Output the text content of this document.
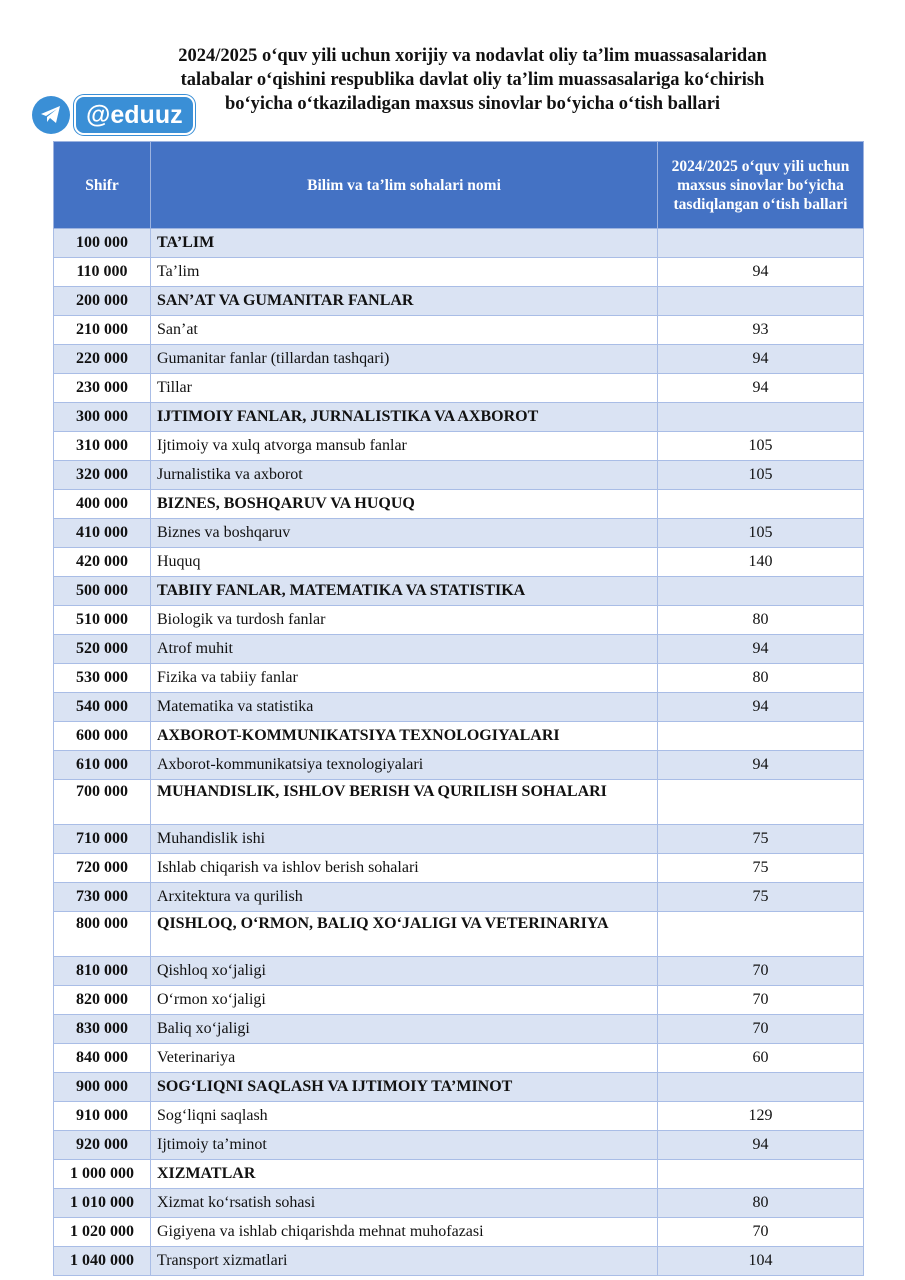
2024/2025 o‘quv yili uchun xorijiy va nodavlat oliy ta’lim muassasalaridan
talabalar o‘qishini respublika davlat oliy ta’lim muassasalariga ko‘chirish
bo‘yicha o‘tkaziladigan maxsus sinovlar bo‘yicha o‘tish ballari
@eduuz
Shifr	Bilim va ta’lim sohalari nomi	2024/2025 o‘quv yili uchun maxsus sinovlar bo‘yicha tasdiqlangan o‘tish ballari
100 000	TA’LIM	
110 000	Ta’lim	94
200 000	SAN’AT VA GUMANITAR FANLAR	
210 000	San’at	93
220 000	Gumanitar fanlar (tillardan tashqari)	94
230 000	Tillar	94
300 000	IJTIMOIY FANLAR, JURNALISTIKA VA AXBOROT	
310 000	Ijtimoiy va xulq atvorga mansub fanlar	105
320 000	Jurnalistika va axborot	105
400 000	BIZNES, BOSHQARUV VA HUQUQ	
410 000	Biznes va boshqaruv	105
420 000	Huquq	140
500 000	TABIIY FANLAR, MATEMATIKA VA STATISTIKA	
510 000	Biologik va turdosh fanlar	80
520 000	Atrof muhit	94
530 000	Fizika va tabiiy fanlar	80
540 000	Matematika va statistika	94
600 000	AXBOROT-KOMMUNIKATSIYA TEXNOLOGIYALARI	
610 000	Axborot-kommunikatsiya texnologiyalari	94
700 000	MUHANDISLIK, ISHLOV BERISH VA QURILISH SOHALARI	
710 000	Muhandislik ishi	75
720 000	Ishlab chiqarish va ishlov berish sohalari	75
730 000	Arxitektura va qurilish	75
800 000	QISHLOQ, O‘RMON, BALIQ XO‘JALIGI VA VETERINARIYA	
810 000	Qishloq xo‘jaligi	70
820 000	O‘rmon xo‘jaligi	70
830 000	Baliq xo‘jaligi	70
840 000	Veterinariya	60
900 000	SOG‘LIQNI SAQLASH VA IJTIMOIY TA’MINOT	
910 000	Sog‘liqni saqlash	129
920 000	Ijtimoiy ta’minot	94
1 000 000	XIZMATLAR	
1 010 000	Xizmat ko‘rsatish sohasi	80
1 020 000	Gigiyena va ishlab chiqarishda mehnat muhofazasi	70
1 040 000	Transport xizmatlari	104
